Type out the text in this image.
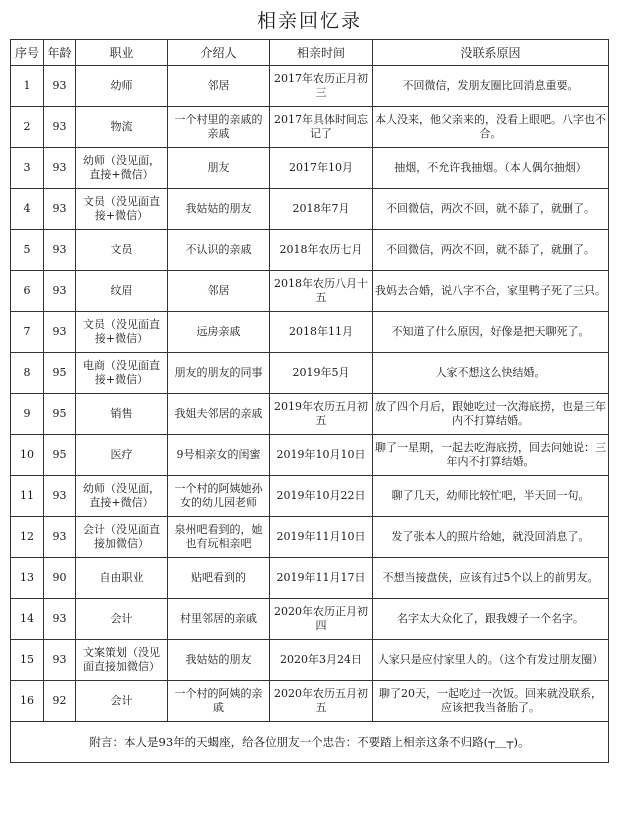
相亲回忆录
序号	年龄	职业	介绍人	相亲时间	没联系原因
1	93	幼师	邻居	2017年农历正月初三	不回微信，发朋友圈比回消息重要。
2	93	物流	一个村里的亲戚的亲戚	2017年具体时间忘记了	本人没来，他父亲来的，没看上眼吧。八字也不合。
3	93	幼师（没见面，直接+微信）	朋友	2017年10月	抽烟，不允许我抽烟。（本人偶尔抽烟）
4	93	文员（没见面直接+微信）	我姑姑的朋友	2018年7月	不回微信，两次不回，就不舔了，就删了。
5	93	文员	不认识的亲戚	2018年农历七月	不回微信，两次不回，就不舔了，就删了。
6	93	纹眉	邻居	2018年农历八月十五	我妈去合婚，说八字不合，家里鸭子死了三只。
7	93	文员（没见面直接+微信）	远房亲戚	2018年11月	不知道了什么原因，好像是把天聊死了。
8	95	电商（没见面直接+微信）	朋友的朋友的同事	2019年5月	人家不想这么快结婚。
9	95	销售	我姐夫邻居的亲戚	2019年农历五月初五	放了四个月后，跟她吃过一次海底捞，也是三年内不打算结婚。
10	95	医疗	9号相亲女的闺蜜	2019年10月10日	聊了一星期，一起去吃海底捞，回去问她说：三年内不打算结婚。
11	93	幼师（没见面，直接+微信）	一个村的阿姨她孙女的幼儿园老师	2019年10月22日	聊了几天，幼师比较忙吧，半天回一句。
12	93	会计（没见面直接加微信）	泉州吧看到的，她也有玩相亲吧	2019年11月10日	发了张本人的照片给她，就没回消息了。
13	90	自由职业	贴吧看到的	2019年11月17日	不想当接盘侠，应该有过5个以上的前男友。
14	93	会计	村里邻居的亲戚	2020年农历正月初四	名字太大众化了，跟我嫂子一个名字。
15	93	文案策划（没见面直接加微信）	我姑姑的朋友	2020年3月24日	人家只是应付家里人的。（这个有发过朋友圈）
16	92	会计	一个村的阿姨的亲戚	2020年农历五月初五	聊了20天，一起吃过一次饭。回来就没联系，应该把我当备胎了。
附言：本人是93年的天蝎座，给各位朋友一个忠告：不要踏上相亲这条不归路(┬＿┬)。					
